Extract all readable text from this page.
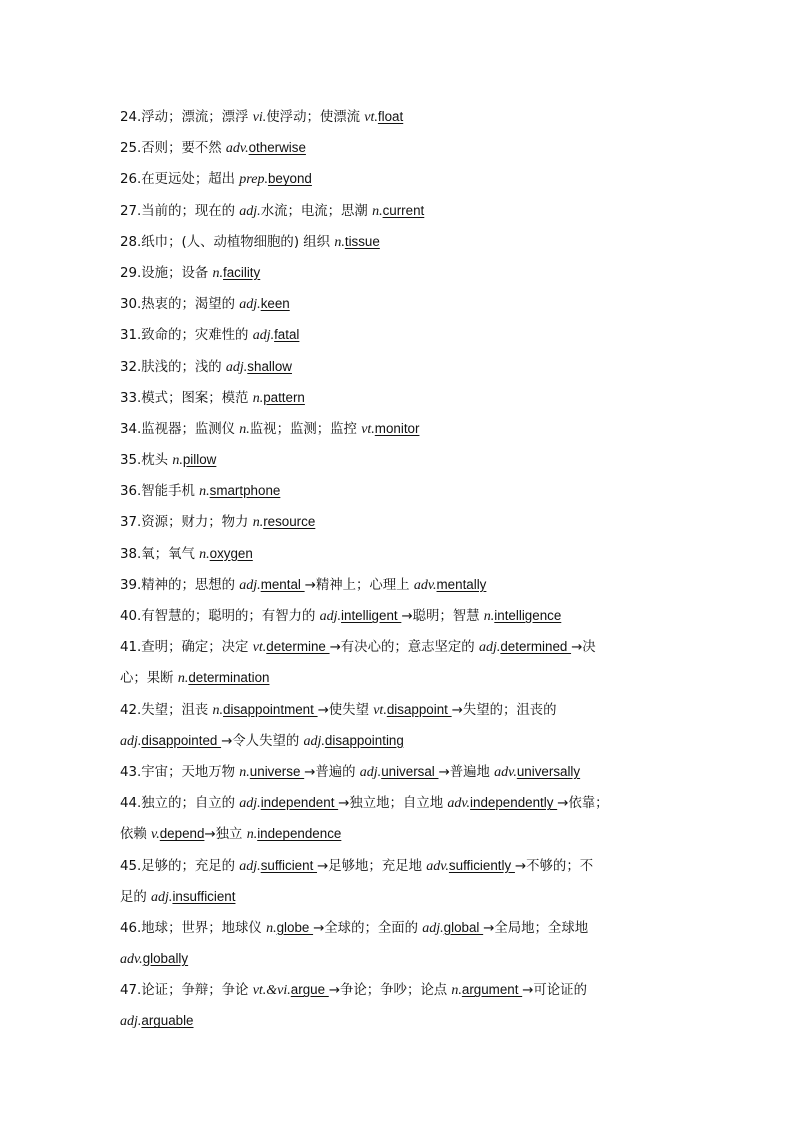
24.浮动；漂流；漂浮 vi.使浮动；使漂流 vt.float
25.否则；要不然 adv.otherwise
26.在更远处；超出 prep.beyond
27.当前的；现在的 adj.水流；电流；思潮 n.current
28.纸巾；(人、动植物细胞的) 组织 n.tissue
29.设施；设备 n.facility
30.热衷的；渴望的 adj.keen
31.致命的；灾难性的 adj.fatal
32.肤浅的；浅的 adj.shallow
33.模式；图案；模范 n.pattern
34.监视器；监测仪 n.监视；监测；监控 vt.monitor
35.枕头 n.pillow
36.智能手机 n.smartphone
37.资源；财力；物力 n.resource
38.氧；氧气 n.oxygen
39.精神的；思想的 adj.mental →精神上；心理上 adv.mentally
40.有智慧的；聪明的；有智力的 adj.intelligent →聪明；智慧 n.intelligence
41.查明；确定；决定 vt.determine →有决心的；意志坚定的 adj.determined →决
心；果断 n.determination
42.失望；沮丧 n.disappointment →使失望 vt.disappoint →失望的；沮丧的
adj.disappointed →令人失望的 adj.disappointing
43.宇宙；天地万物 n.universe →普遍的 adj.universal →普遍地 adv.universally
44.独立的；自立的 adj.independent →独立地；自立地 adv.independently →依靠；
依赖 v.depend→独立 n.independence
45.足够的；充足的 adj.sufficient →足够地；充足地 adv.sufficiently →不够的；不
足的 adj.insufficient
46.地球；世界；地球仪 n.globe →全球的；全面的 adj.global →全局地；全球地
adv.globally
47.论证；争辩；争论 vt.&vi.argue →争论；争吵；论点 n.argument →可论证的
adj.arguable
